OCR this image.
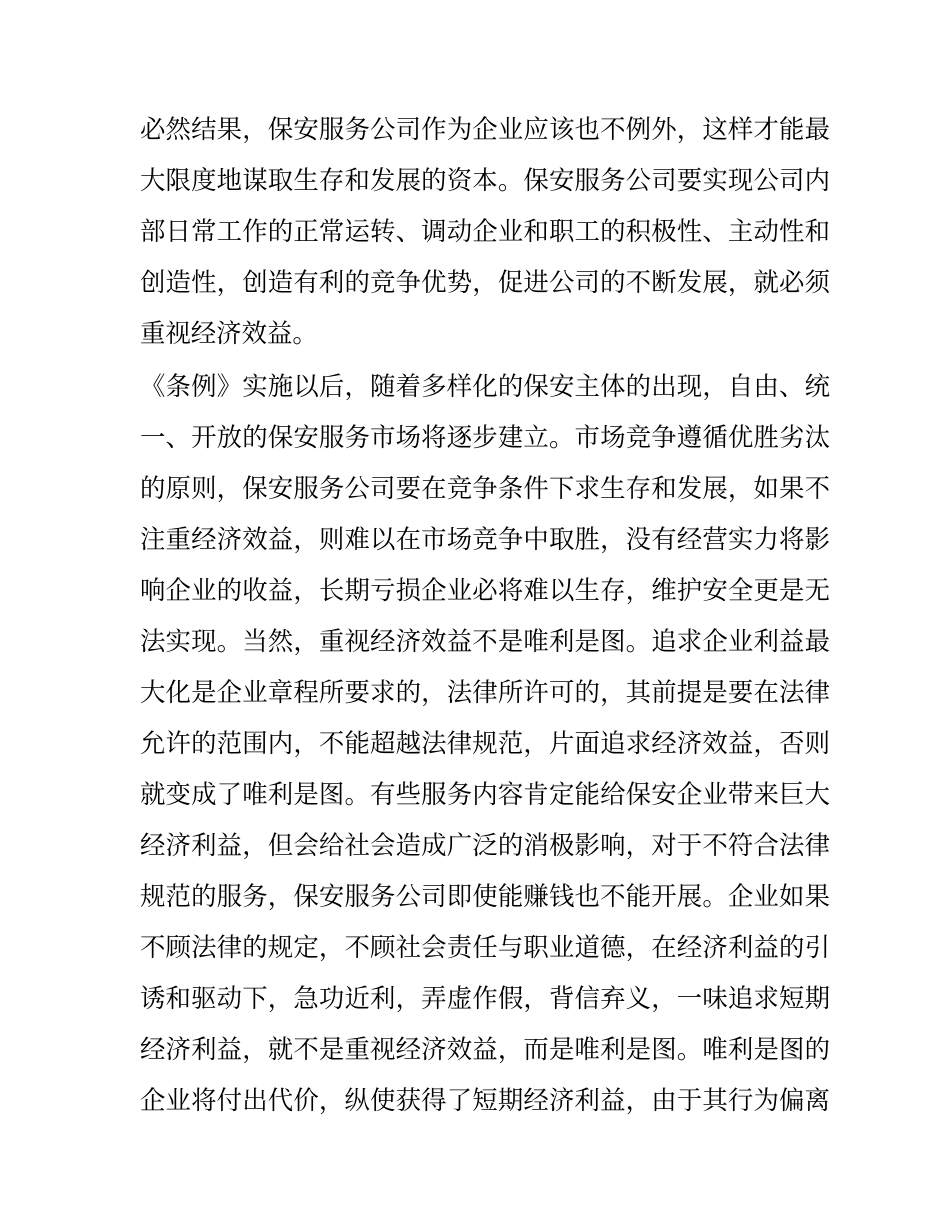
必然结果，保安服务公司作为企业应该也不例外，这样才能最
大限度地谋取生存和发展的资本。保安服务公司要实现公司内
部日常工作的正常运转、调动企业和职工的积极性、主动性和
创造性，创造有利的竞争优势，促进公司的不断发展，就必须
重视经济效益。
《条例》实施以后，随着多样化的保安主体的出现，自由、统
一、开放的保安服务市场将逐步建立。市场竞争遵循优胜劣汰
的原则，保安服务公司要在竞争条件下求生存和发展，如果不
注重经济效益，则难以在市场竞争中取胜，没有经营实力将影
响企业的收益，长期亏损企业必将难以生存，维护安全更是无
法实现。当然，重视经济效益不是唯利是图。追求企业利益最
大化是企业章程所要求的，法律所许可的，其前提是要在法律
允许的范围内，不能超越法律规范，片面追求经济效益，否则
就变成了唯利是图。有些服务内容肯定能给保安企业带来巨大
经济利益，但会给社会造成广泛的消极影响，对于不符合法律
规范的服务，保安服务公司即使能赚钱也不能开展。企业如果
不顾法律的规定，不顾社会责任与职业道德，在经济利益的引
诱和驱动下，急功近利，弄虚作假，背信弃义，一味追求短期
经济利益，就不是重视经济效益，而是唯利是图。唯利是图的
企业将付出代价，纵使获得了短期经济利益，由于其行为偏离
